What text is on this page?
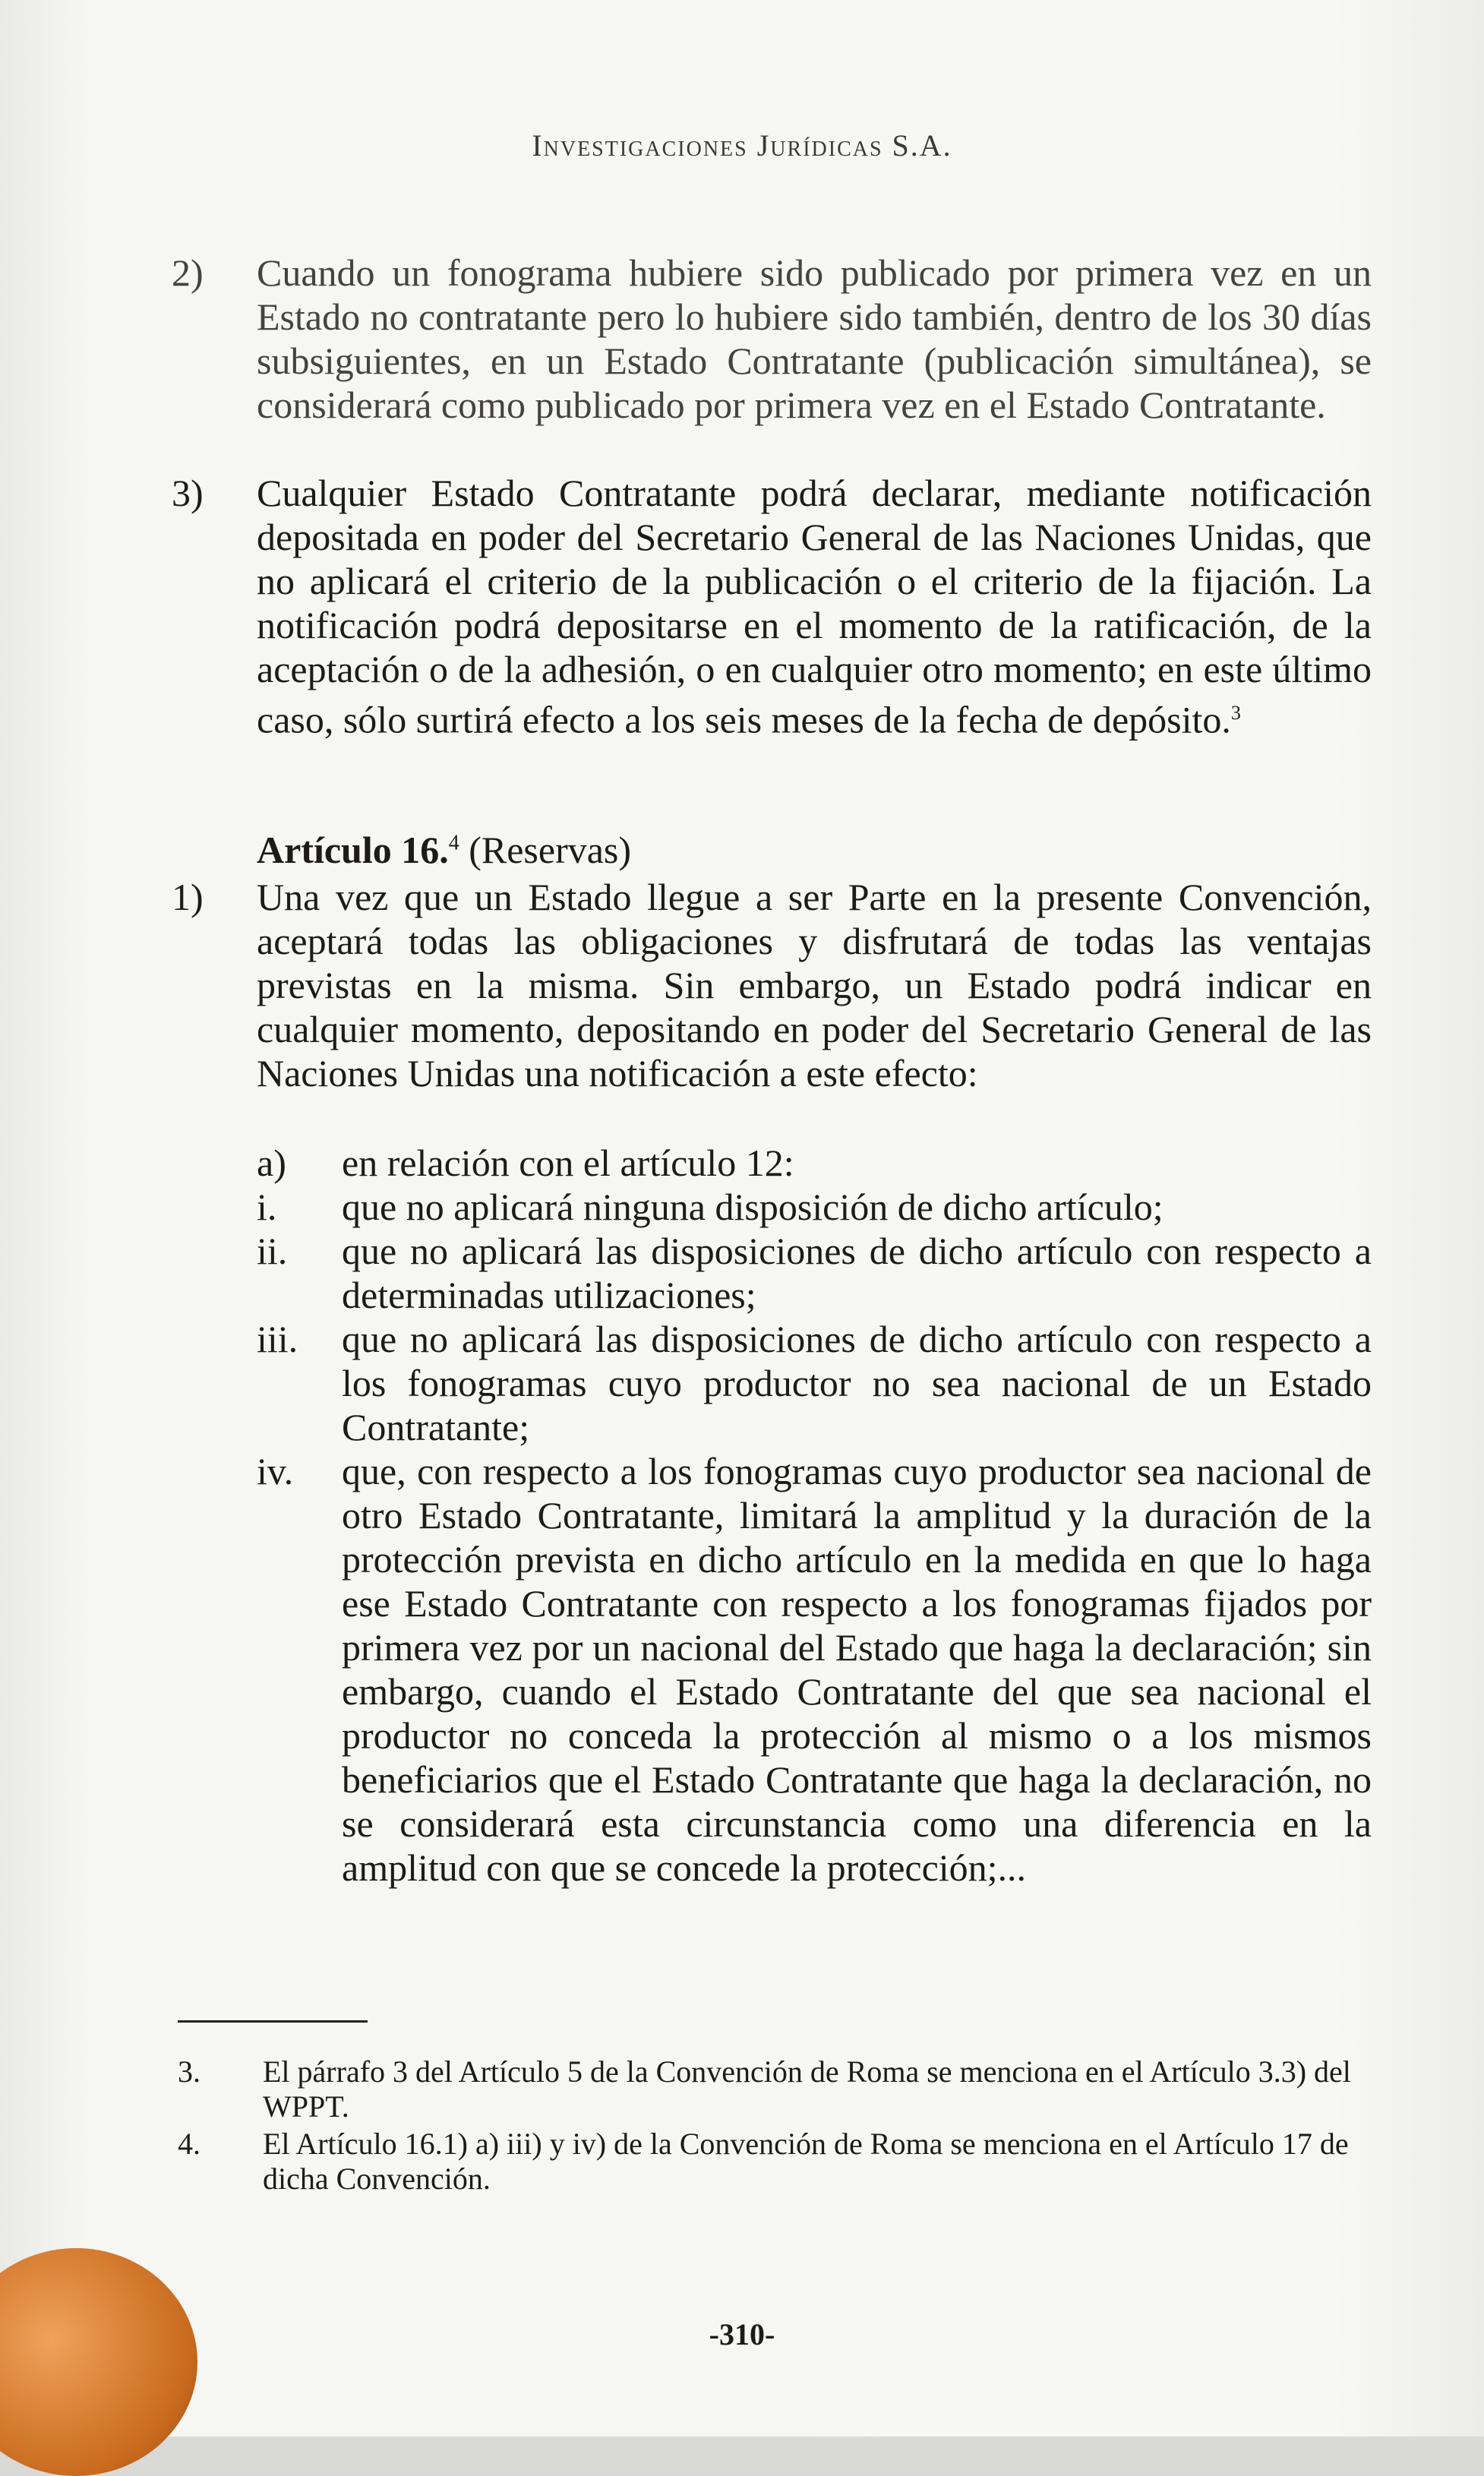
Investigaciones Jurídicas S.A.
2)	Cuando un fonograma hubiere sido publicado por primera vez en un Estado no contratante pero lo hubiere sido también, dentro de los 30 días subsiguientes, en un Estado Contratante (publicación simultánea), se considerará como publicado por primera vez en el Estado Contratante.
3)	Cualquier Estado Contratante podrá declarar, mediante notificación depositada en poder del Secretario General de las Naciones Unidas, que no aplicará el criterio de la publicación o el criterio de la fijación. La notificación podrá depositarse en el momento de la ratificación, de la aceptación o de la adhesión, o en cualquier otro momento; en este último caso, sólo surtirá efecto a los seis meses de la fecha de depósito.$^3$
Artículo 16.$^4$ (Reservas)
1)	Una vez que un Estado llegue a ser Parte en la presente Convención, aceptará todas las obligaciones y disfrutará de todas las ventajas previstas en la misma. Sin embargo, un Estado podrá indicar en cualquier momento, depositando en poder del Secretario General de las Naciones Unidas una notificación a este efecto:
a) en relación con el artículo 12:
i. que no aplicará ninguna disposición de dicho artículo;
ii. que no aplicará las disposiciones de dicho artículo con respecto a determinadas utilizaciones;
iii. que no aplicará las disposiciones de dicho artículo con respecto a los fonogramas cuyo productor no sea nacional de un Estado Contratante;
iv. que, con respecto a los fonogramas cuyo productor sea nacional de otro Estado Contratante, limitará la amplitud y la duración de la protección prevista en dicho artículo en la medida en que lo haga ese Estado Contratante con respecto a los fonogramas fijados por primera vez por un nacional del Estado que haga la declaración; sin embargo, cuando el Estado Contratante del que sea nacional el productor no conceda la protección al mismo o a los mismos beneficiarios que el Estado Contratante que haga la declaración, no se considerará esta circunstancia como una diferencia en la amplitud con que se concede la protección;...
3. El párrafo 3 del Artículo 5 de la Convención de Roma se menciona en el Artículo 3.3) del WPPT.
4. El Artículo 16.1) a) iii) y iv) de la Convención de Roma se menciona en el Artículo 17 de dicha Convención.
-310-
